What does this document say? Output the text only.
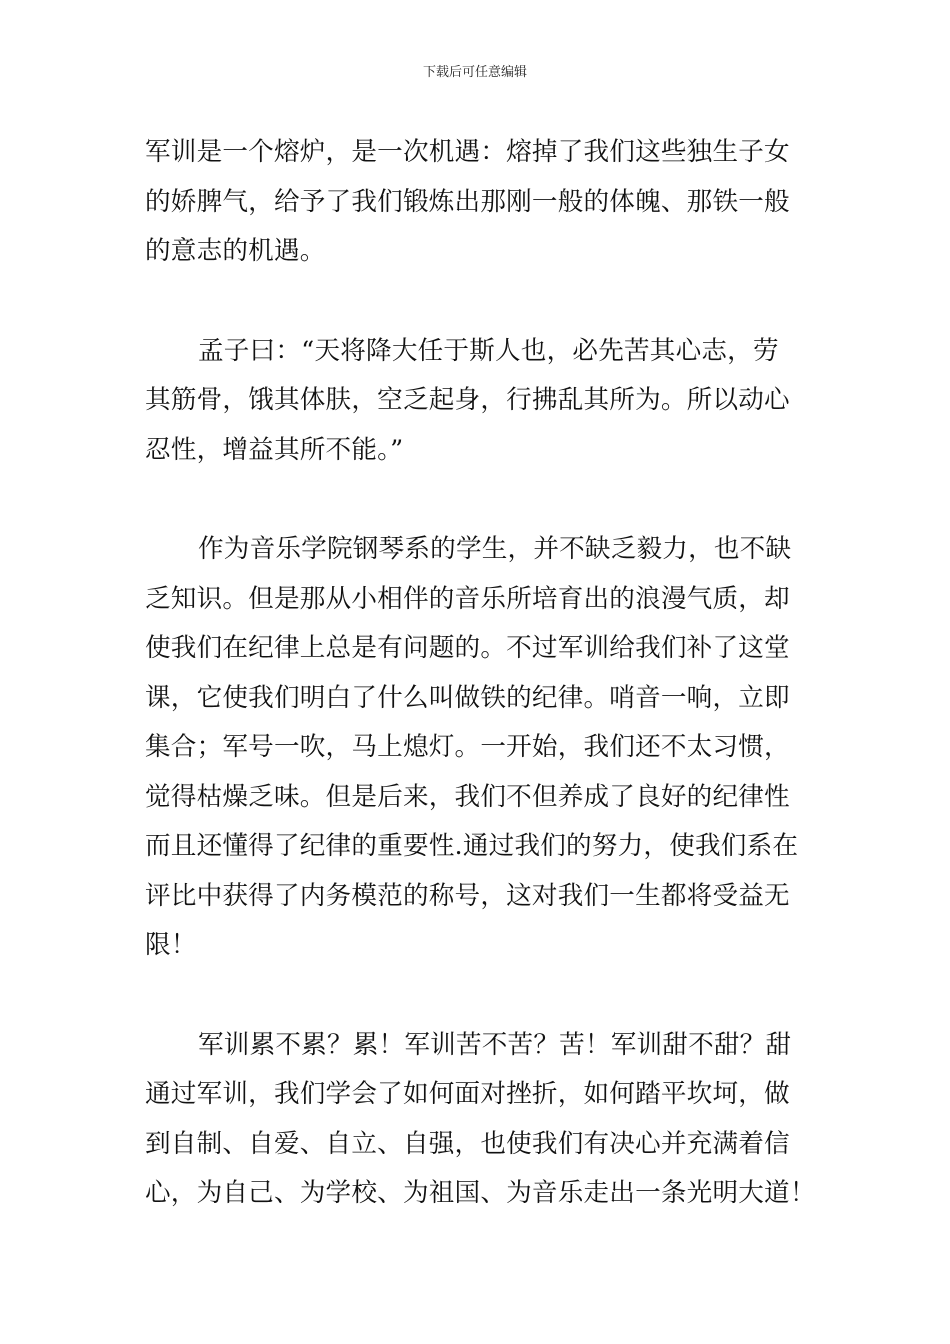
下载后可任意编辑

军训是一个熔炉，是一次机遇：熔掉了我们这些独生子女
的娇脾气，给予了我们锻炼出那刚一般的体魄、那铁一般
的意志的机遇。

孟子曰：“天将降大任于斯人也，必先苦其心志，劳
其筋骨，饿其体肤，空乏起身，行拂乱其所为。所以动心
忍性，增益其所不能。”

作为音乐学院钢琴系的学生，并不缺乏毅力，也不缺
乏知识。但是那从小相伴的音乐所培育出的浪漫气质，却
使我们在纪律上总是有问题的。不过军训给我们补了这堂
课，它使我们明白了什么叫做铁的纪律。哨音一响，立即
集合；军号一吹，马上熄灯。一开始，我们还不太习惯，
觉得枯燥乏味。但是后来，我们不但养成了良好的纪律性
而且还懂得了纪律的重要性.通过我们的努力，使我们系在
评比中获得了内务模范的称号，这对我们一生都将受益无
限！

军训累不累？累！军训苦不苦？苦！军训甜不甜？甜
通过军训，我们学会了如何面对挫折，如何踏平坎坷，做
到自制、自爱、自立、自强，也使我们有决心并充满着信
心，为自己、为学校、为祖国、为音乐走出一条光明大道！
